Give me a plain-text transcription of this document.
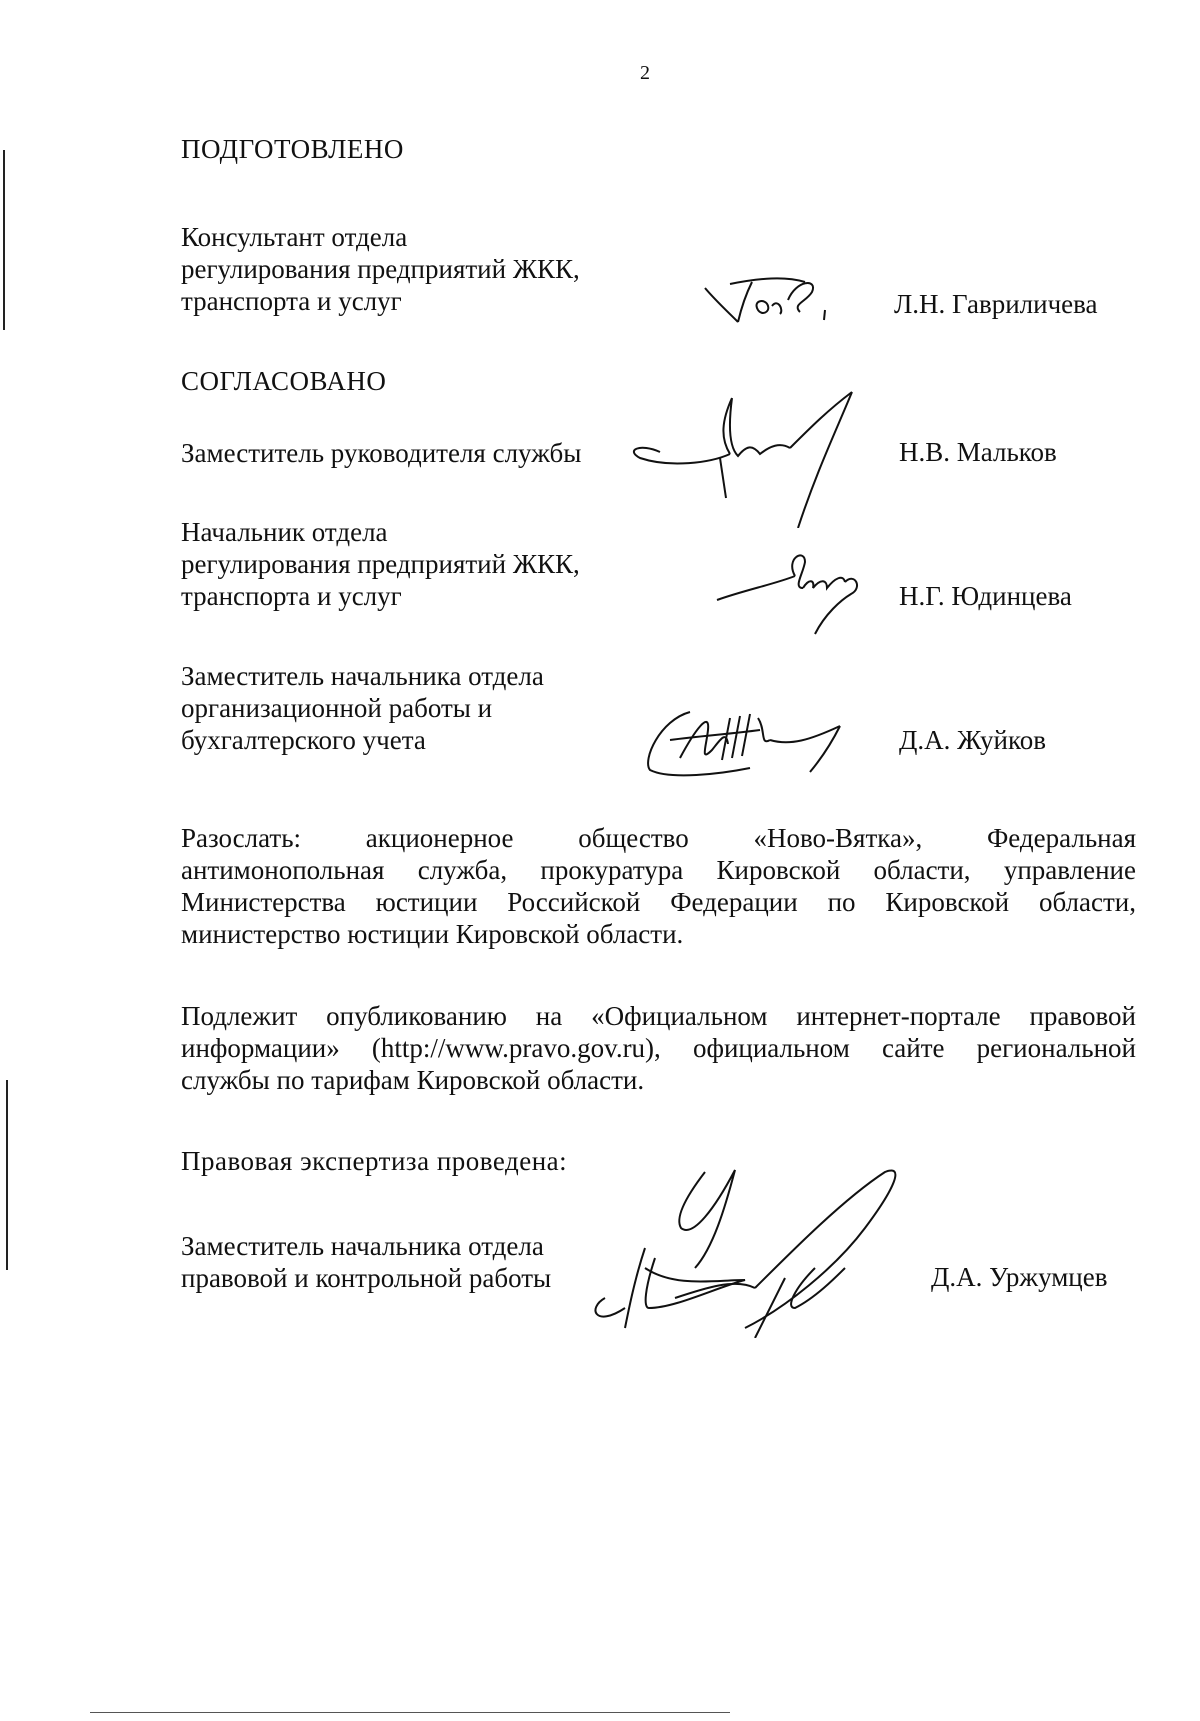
2
ПОДГОТОВЛЕНО
Консультант отдела
регулирования предприятий ЖКК,
транспорта и услуг	Л.Н. Гавриличева
СОГЛАСОВАНО
Заместитель руководителя службы	Н.В. Мальков
Начальник отдела
регулирования предприятий ЖКК,
транспорта и услуг	Н.Г. Юдинцева
Заместитель начальника отдела
организационной работы и
бухгалтерского учета	Д.А. Жуйков
Разослать: акционерное общество «Ново-Вятка», Федеральная
антимонопольная служба, прокуратура Кировской области, управление
Министерства юстиции Российской Федерации по Кировской области,
министерство юстиции Кировской области.
Подлежит опубликованию на «Официальном интернет-портале правовой
информации» (http://www.pravo.gov.ru), официальном сайте региональной
службы по тарифам Кировской области.
Правовая экспертиза проведена:
Заместитель начальника отдела
правовой и контрольной работы	Д.А. Уржумцев
